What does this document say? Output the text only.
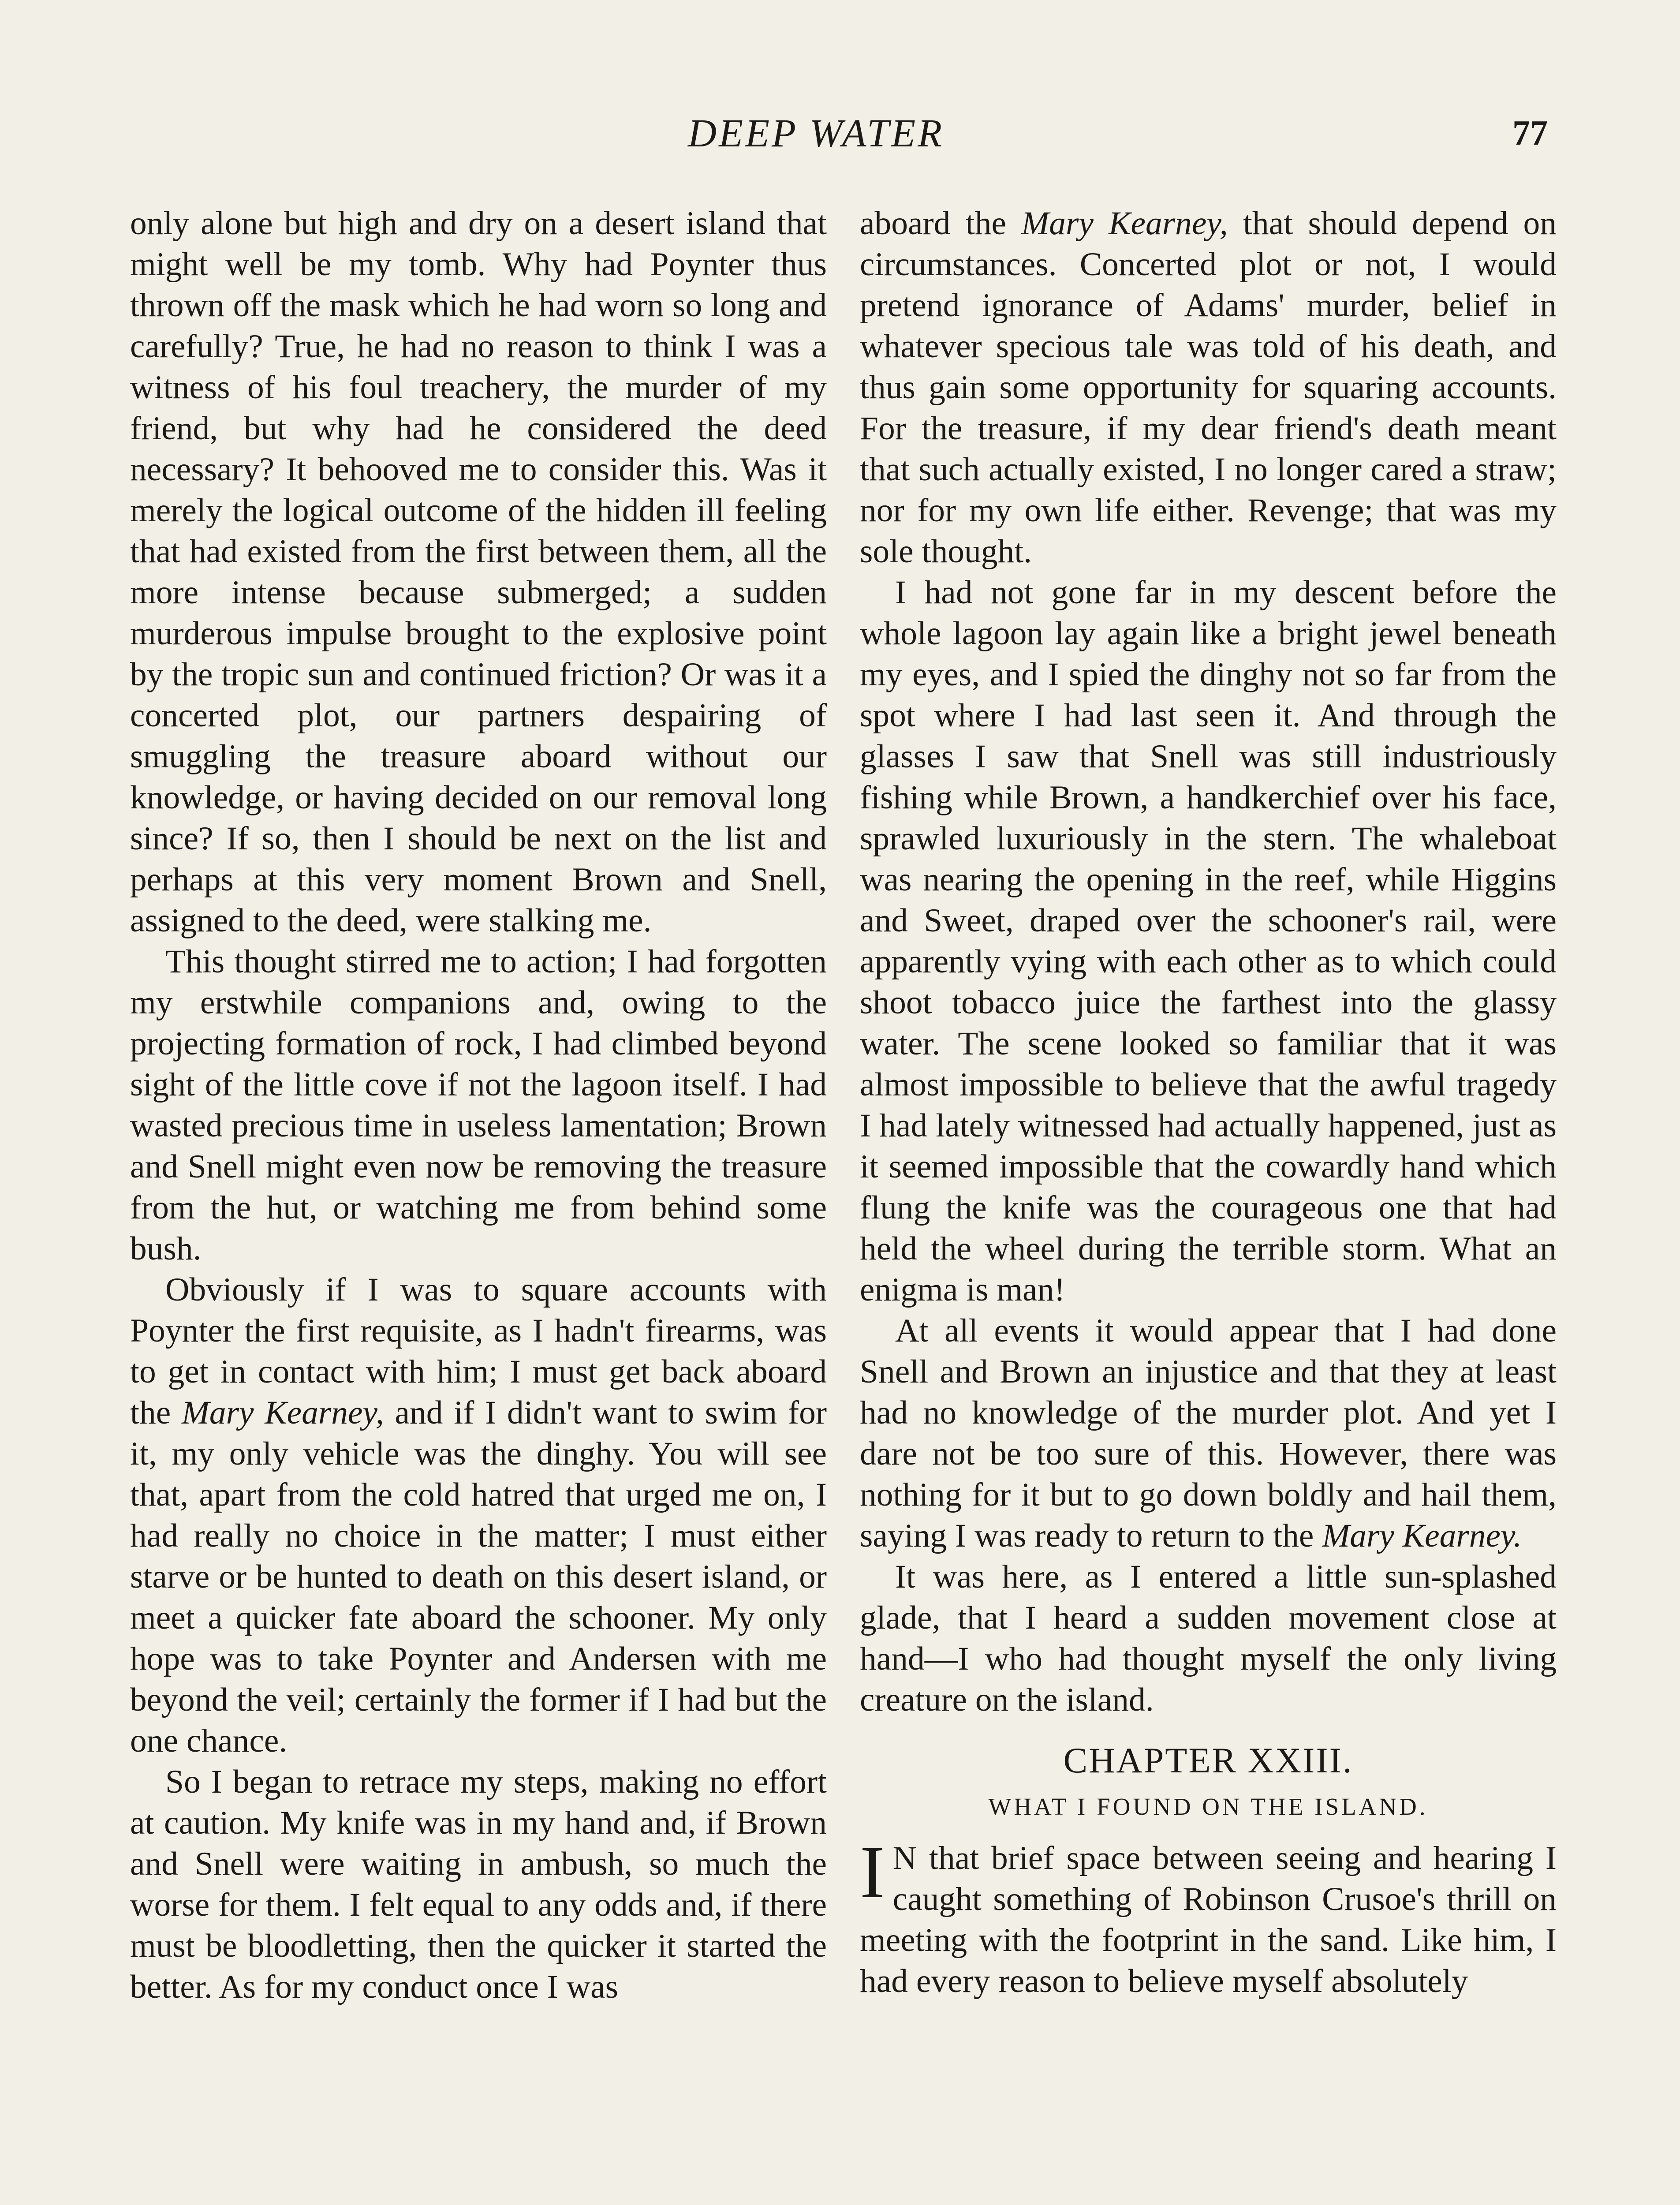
DEEP WATER	77

only alone but high and dry on a desert island that might well be my tomb. Why had Poynter thus thrown off the mask which he had worn so long and carefully? True, he had no reason to think I was a witness of his foul treachery, the murder of my friend, but why had he considered the deed necessary? It behooved me to consider this. Was it merely the logical outcome of the hidden ill feeling that had existed from the first between them, all the more intense because submerged; a sudden murderous impulse brought to the explosive point by the tropic sun and continued friction? Or was it a concerted plot, our partners despairing of smuggling the treasure aboard without our knowledge, or having decided on our removal long since? If so, then I should be next on the list and perhaps at this very moment Brown and Snell, assigned to the deed, were stalking me.

This thought stirred me to action; I had forgotten my erstwhile companions and, owing to the projecting formation of rock, I had climbed beyond sight of the little cove if not the lagoon itself. I had wasted precious time in useless lamentation; Brown and Snell might even now be removing the treasure from the hut, or watching me from behind some bush.

Obviously if I was to square accounts with Poynter the first requisite, as I hadn't firearms, was to get in contact with him; I must get back aboard the Mary Kearney, and if I didn't want to swim for it, my only vehicle was the dinghy. You will see that, apart from the cold hatred that urged me on, I had really no choice in the matter; I must either starve or be hunted to death on this desert island, or meet a quicker fate aboard the schooner. My only hope was to take Poynter and Andersen with me beyond the veil; certainly the former if I had but the one chance.

So I began to retrace my steps, making no effort at caution. My knife was in my hand and, if Brown and Snell were waiting in ambush, so much the worse for them. I felt equal to any odds and, if there must be bloodletting, then the quicker it started the better. As for my conduct once I was

aboard the Mary Kearney, that should depend on circumstances. Concerted plot or not, I would pretend ignorance of Adams' murder, belief in whatever specious tale was told of his death, and thus gain some opportunity for squaring accounts. For the treasure, if my dear friend's death meant that such actually existed, I no longer cared a straw; nor for my own life either. Revenge; that was my sole thought.

I had not gone far in my descent before the whole lagoon lay again like a bright jewel beneath my eyes, and I spied the dinghy not so far from the spot where I had last seen it. And through the glasses I saw that Snell was still industriously fishing while Brown, a handkerchief over his face, sprawled luxuriously in the stern. The whaleboat was nearing the opening in the reef, while Higgins and Sweet, draped over the schooner's rail, were apparently vying with each other as to which could shoot tobacco juice the farthest into the glassy water. The scene looked so familiar that it was almost impossible to believe that the awful tragedy I had lately witnessed had actually happened, just as it seemed impossible that the cowardly hand which flung the knife was the courageous one that had held the wheel during the terrible storm. What an enigma is man!

At all events it would appear that I had done Snell and Brown an injustice and that they at least had no knowledge of the murder plot. And yet I dare not be too sure of this. However, there was nothing for it but to go down boldly and hail them, saying I was ready to return to the Mary Kearney.

It was here, as I entered a little sun-splashed glade, that I heard a sudden movement close at hand—I who had thought myself the only living creature on the island.

CHAPTER XXIII.
WHAT I FOUND ON THE ISLAND.

I N that brief space between seeing and hearing I caught something of Robinson Crusoe's thrill on meeting with the footprint in the sand. Like him, I had every reason to believe myself absolutely
